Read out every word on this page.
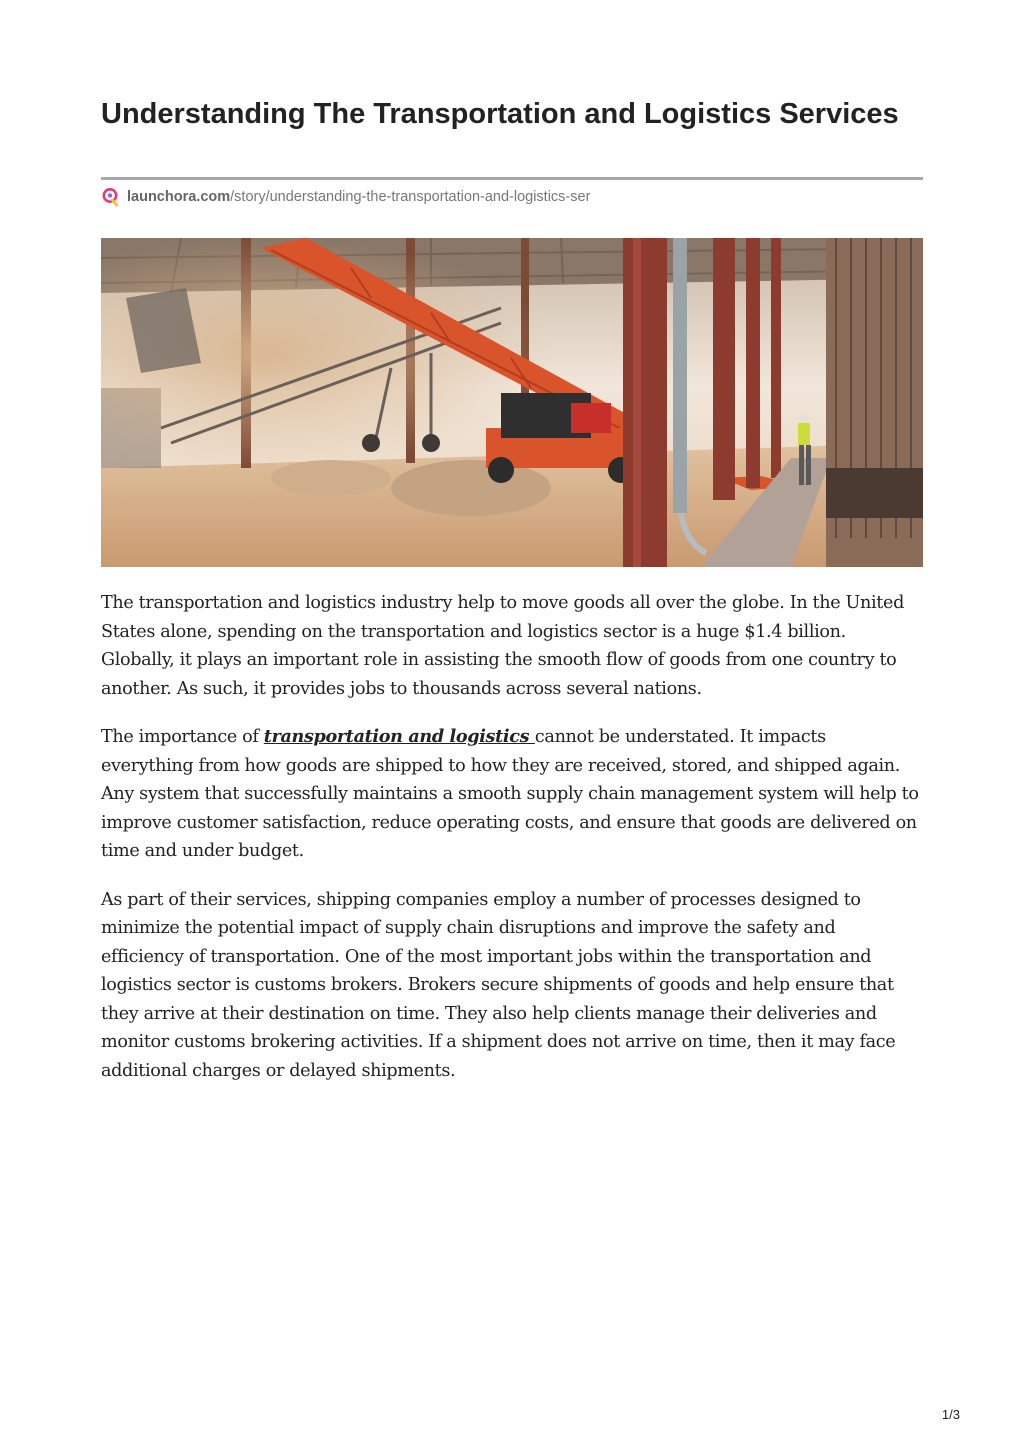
Understanding The Transportation and Logistics Services
launchora.com/story/understanding-the-transportation-and-logistics-ser

The transportation and logistics industry help to move goods all over the globe. In the United States alone, spending on the transportation and logistics sector is a huge $1.4 billion. Globally, it plays an important role in assisting the smooth flow of goods from one country to another. As such, it provides jobs to thousands across several nations.

The importance of transportation and logistics cannot be understated. It impacts everything from how goods are shipped to how they are received, stored, and shipped again. Any system that successfully maintains a smooth supply chain management system will help to improve customer satisfaction, reduce operating costs, and ensure that goods are delivered on time and under budget.

As part of their services, shipping companies employ a number of processes designed to minimize the potential impact of supply chain disruptions and improve the safety and efficiency of transportation. One of the most important jobs within the transportation and logistics sector is customs brokers. Brokers secure shipments of goods and help ensure that they arrive at their destination on time. They also help clients manage their deliveries and monitor customs brokering activities. If a shipment does not arrive on time, then it may face additional charges or delayed shipments.

1/3
